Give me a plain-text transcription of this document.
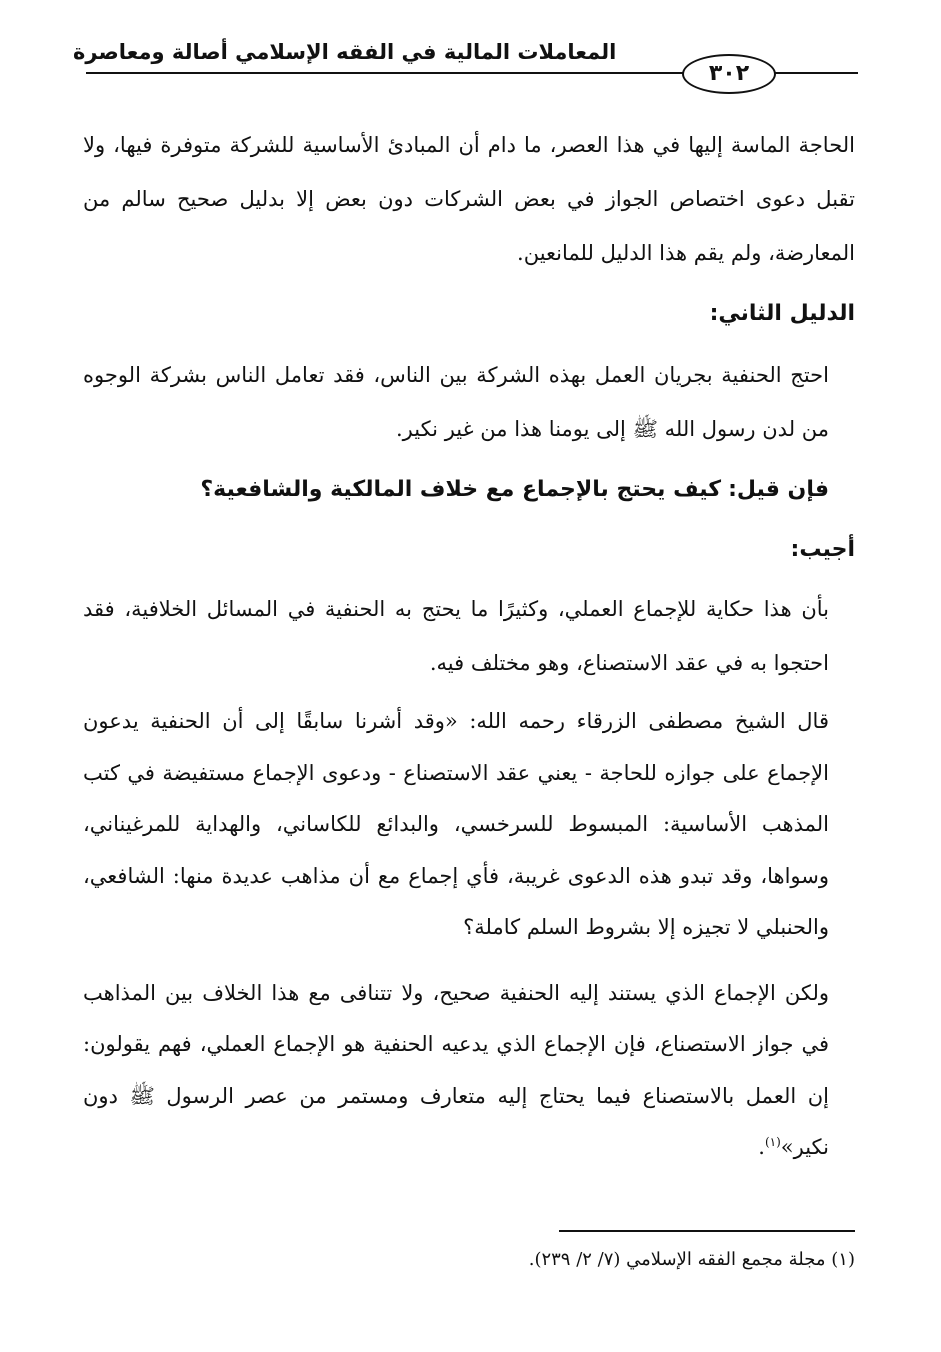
المعاملات المالية في الفقه الإسلامي أصالة ومعاصرة
٣٠٢

الحاجة الماسة إليها في هذا العصر، ما دام أن المبادئ الأساسية للشركة متوفرة فيها، ولا تقبل دعوى اختصاص الجواز في بعض الشركات دون بعض إلا بدليل صحيح سالم من المعارضة، ولم يقم هذا الدليل للمانعين.

الدليل الثاني:

احتج الحنفية بجريان العمل بهذه الشركة بين الناس، فقد تعامل الناس بشركة الوجوه من لدن رسول الله ﷺ إلى يومنا هذا من غير نكير.

فإن قيل: كيف يحتج بالإجماع مع خلاف المالكية والشافعية؟

أجيب:

بأن هذا حكاية للإجماع العملي، وكثيرًا ما يحتج به الحنفية في المسائل الخلافية، فقد احتجوا به في عقد الاستصناع، وهو مختلف فيه.

قال الشيخ مصطفى الزرقاء رحمه الله: «وقد أشرنا سابقًا إلى أن الحنفية يدعون الإجماع على جوازه للحاجة - يعني عقد الاستصناع - ودعوى الإجماع مستفيضة في كتب المذهب الأساسية: المبسوط للسرخسي، والبدائع للكاساني، والهداية للمرغيناني، وسواها، وقد تبدو هذه الدعوى غريبة، فأي إجماع مع أن مذاهب عديدة منها: الشافعي، والحنبلي لا تجيزه إلا بشروط السلم كاملة؟

ولكن الإجماع الذي يستند إليه الحنفية صحيح، ولا تتنافى مع هذا الخلاف بين المذاهب في جواز الاستصناع، فإن الإجماع الذي يدعيه الحنفية هو الإجماع العملي، فهم يقولون: إن العمل بالاستصناع فيما يحتاج إليه متعارف ومستمر من عصر الرسول ﷺ دون نكير»$^{(١)}$.

(١) مجلة مجمع الفقه الإسلامي (٧/ ٢/ ٢٣٩).
